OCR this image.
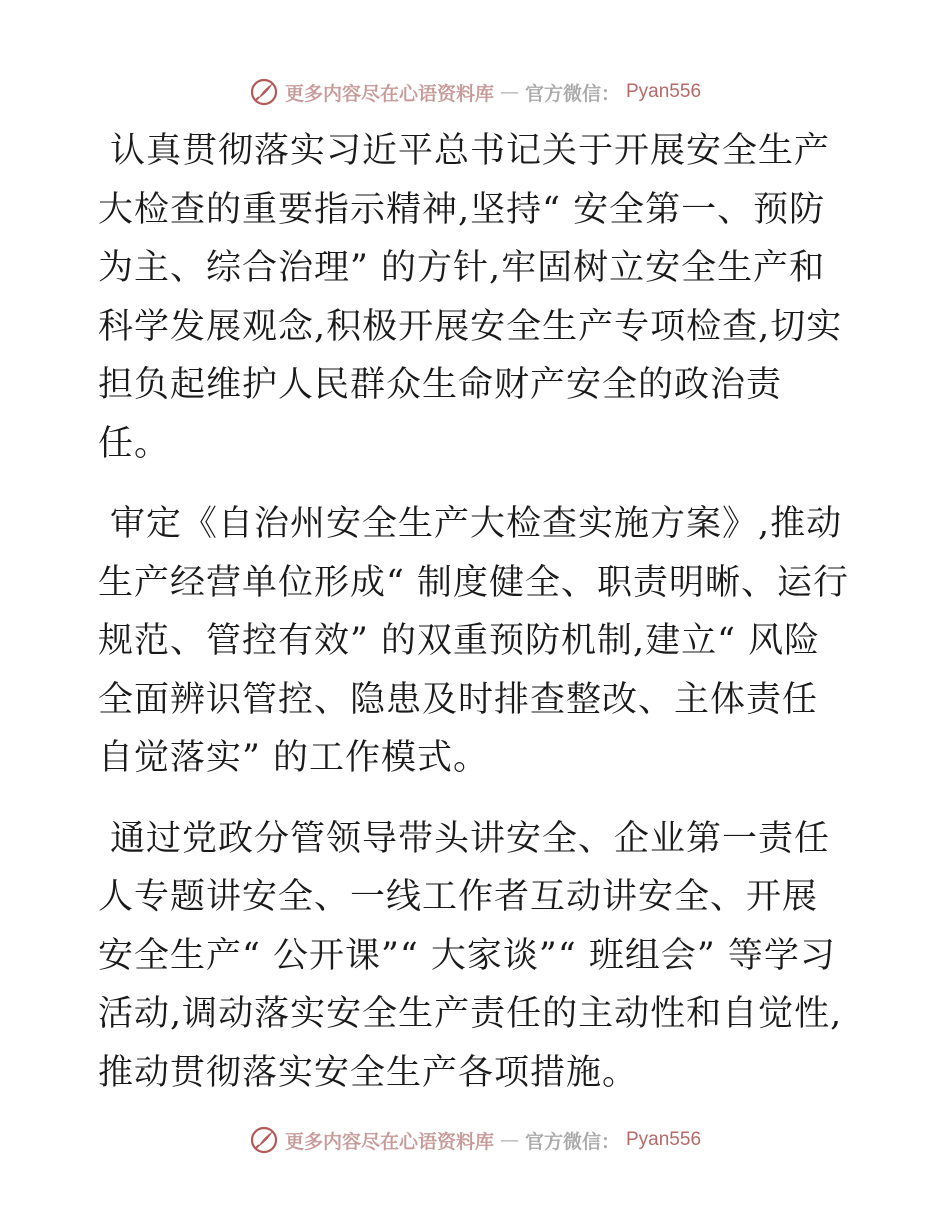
更多内容尽在心语资料库 — 官方微信： Pyan556

认真贯彻落实习近平总书记关于开展安全生产大检查的重要指示精神,坚持“ 安全第一、预防为主、综合治理” 的方针,牢固树立安全生产和科学发展观念,积极开展安全生产专项检查,切实担负起维护人民群众生命财产安全的政治责任。

审定《自治州安全生产大检查实施方案》,推动生产经营单位形成“ 制度健全、职责明晰、运行规范、管控有效” 的双重预防机制,建立“ 风险全面辨识管控、隐患及时排查整改、主体责任自觉落实” 的工作模式。

通过党政分管领导带头讲安全、企业第一责任人专题讲安全、一线工作者互动讲安全、开展安全生产“ 公开课”“ 大家谈”“ 班组会” 等学习活动,调动落实安全生产责任的主动性和自觉性,推动贯彻落实安全生产各项措施。

更多内容尽在心语资料库 — 官方微信： Pyan556
